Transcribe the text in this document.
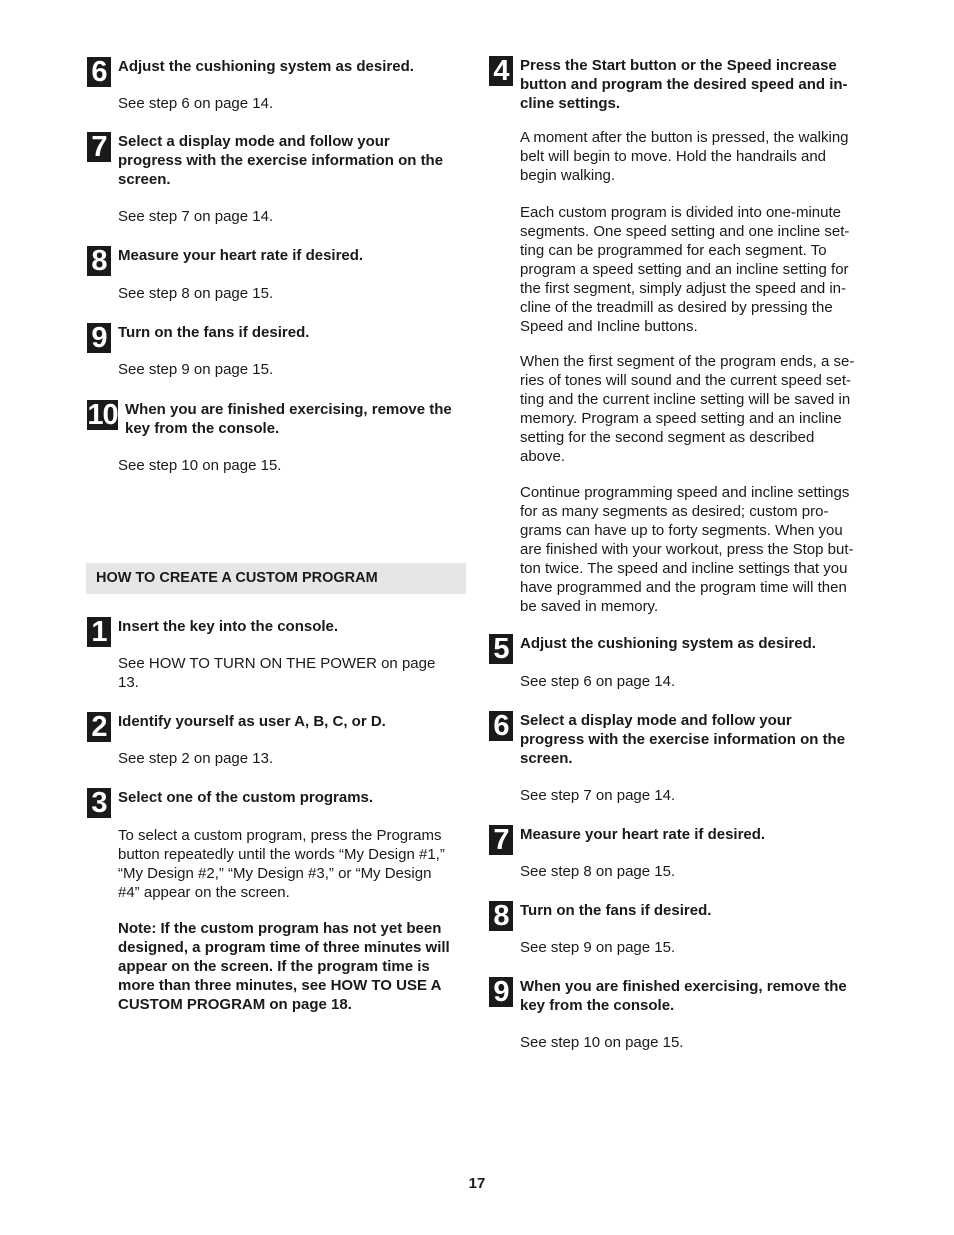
6 Adjust the cushioning system as desired.
See step 6 on page 14.
7 Select a display mode and follow your
progress with the exercise information on the
screen.
See step 7 on page 14.
8 Measure your heart rate if desired.
See step 8 on page 15.
9 Turn on the fans if desired.
See step 9 on page 15.
10 When you are finished exercising, remove the
key from the console.
See step 10 on page 15.
HOW TO CREATE A CUSTOM PROGRAM
1 Insert the key into the console.
See HOW TO TURN ON THE POWER on page
13.
2 Identify yourself as user A, B, C, or D.
See step 2 on page 13.
3 Select one of the custom programs.
To select a custom program, press the Programs
button repeatedly until the words “My Design #1,”
“My Design #2,” “My Design #3,” or “My Design
#4” appear on the screen.
Note: If the custom program has not yet been
designed, a program time of three minutes will
appear on the screen. If the program time is
more than three minutes, see HOW TO USE A
CUSTOM PROGRAM on page 18.
4 Press the Start button or the Speed increase
button and program the desired speed and in-
cline settings.
A moment after the button is pressed, the walking
belt will begin to move. Hold the handrails and
begin walking.
Each custom program is divided into one-minute
segments. One speed setting and one incline set-
ting can be programmed for each segment. To
program a speed setting and an incline setting for
the first segment, simply adjust the speed and in-
cline of the treadmill as desired by pressing the
Speed and Incline buttons.
When the first segment of the program ends, a se-
ries of tones will sound and the current speed set-
ting and the current incline setting will be saved in
memory. Program a speed setting and an incline
setting for the second segment as described
above.
Continue programming speed and incline settings
for as many segments as desired; custom pro-
grams can have up to forty segments. When you
are finished with your workout, press the Stop but-
ton twice. The speed and incline settings that you
have programmed and the program time will then
be saved in memory.
5 Adjust the cushioning system as desired.
See step 6 on page 14.
6 Select a display mode and follow your
progress with the exercise information on the
screen.
See step 7 on page 14.
7 Measure your heart rate if desired.
See step 8 on page 15.
8 Turn on the fans if desired.
See step 9 on page 15.
9 When you are finished exercising, remove the
key from the console.
See step 10 on page 15.
17
